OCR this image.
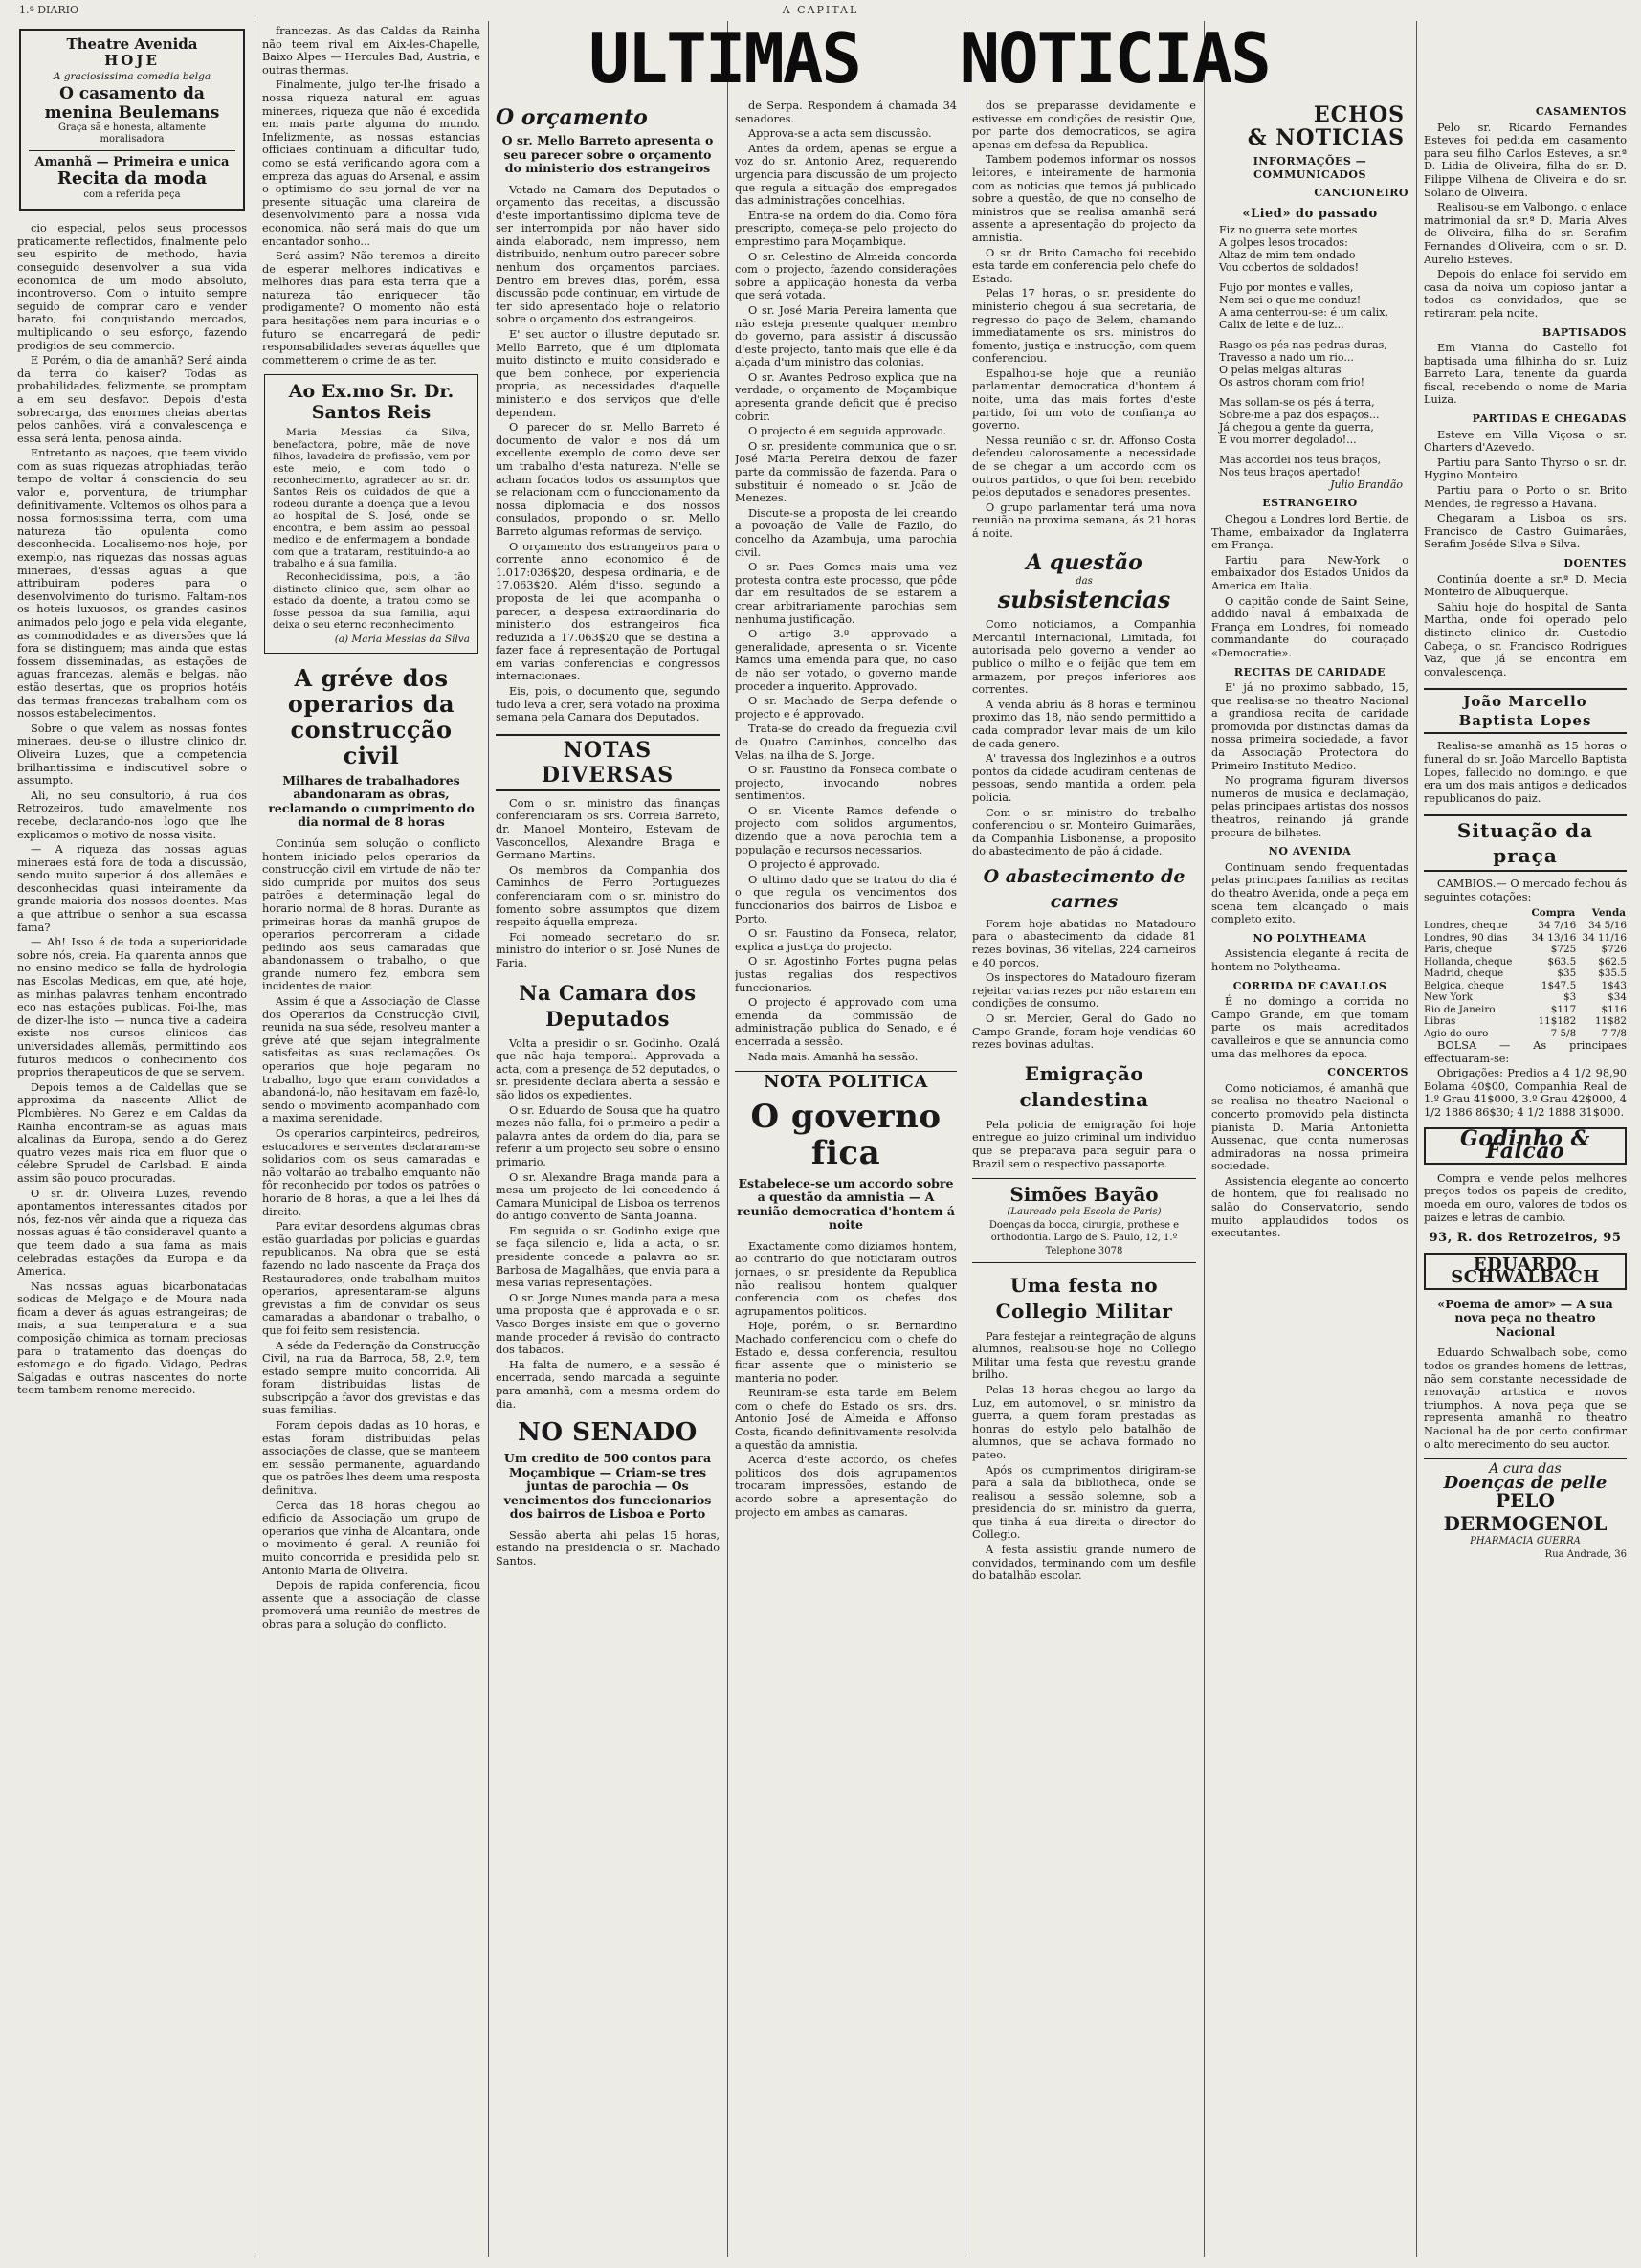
1.ª DIARIO	A CAPITAL
Theatre Avenida
HOJE
A graciosissima comedia belga
O casamento da menina Beulemans
Graça sã e honesta, altamente moralisadora
Amanhã — Primeira e unica
Recita da moda
com a referida peça

cio especial, pelos seus processos praticamente reflectidos, finalmente pelo seu espirito de methodo, havia conseguido desenvolver a sua vida economica de um modo absoluto, incontroverso. Com o intuito sempre seguido de comprar caro e vender barato, foi conquistando mercados, multiplicando o seu esforço, fazendo prodigios de seu commercio.

E Porém, o dia de amanhã? Será ainda da terra do kaiser? Todas as probabilidades, felizmente, se promptam a em seu desfavor. Depois d'esta sobrecarga, das enormes cheias abertas pelos canhões, virá a convalescença e essa será lenta, penosa ainda.

Entretanto as naçoes, que teem vivido com as suas riquezas atrophiadas, terão tempo de voltar á consciencia do seu valor e, porventura, de triumphar definitivamente. Voltemos os olhos para a nossa formosissima terra, com uma natureza tão opulenta como desconhecida. Localisemo-nos hoje, por exemplo, nas riquezas das nossas aguas mineraes, d'essas aguas a que attribuiram poderes para o desenvolvimento do turismo. Faltam-nos os hoteis luxuosos, os grandes casinos animados pelo jogo e pela vida elegante, as commodidades e as diversões que lá fora se distinguem; mas ainda que estas fossem disseminadas, as estações de aguas francezas, alemãs e belgas, não estão desertas, que os proprios hotéis das termas francezas trabalham com os nossos estabelecimentos.

Sobre o que valem as nossas fontes mineraes, deu-se o illustre clinico dr. Oliveira Luzes, que a competencia brilhantissima e indiscutivel sobre o assumpto.

Ali, no seu consultorio, á rua dos Retrozeiros, tudo amavelmente nos recebe, declarando-nos logo que lhe explicamos o motivo da nossa visita.

— A riqueza das nossas aguas mineraes está fora de toda a discussão, sendo muito superior á dos allemães e desconhecidas quasi inteiramente da grande maioria dos nossos doentes. Mas a que attribue o senhor a sua escassa fama?

— Ah! Isso é de toda a superioridade sobre nós, creia. Ha quarenta annos que no ensino medico se falla de hydrologia nas Escolas Medicas, em que, até hoje, as minhas palavras tenham encontrado eco nas estações publicas. Foi-lhe, mas de dizer-lhe isto — nunca tive a cadeira existe nos cursos clinicos das universidades allemãs, permittindo aos futuros medicos o conhecimento dos proprios therapeuticos de que se servem.

Depois temos a de Caldellas que se approxima da nascente Alliot de Plombières. No Gerez e em Caldas da Rainha encontram-se as aguas mais alcalinas da Europa, sendo a do Gerez quatro vezes mais rica em fluor que o célebre Sprudel de Carlsbad. E ainda assim são pouco procuradas.

O sr. dr. Oliveira Luzes, revendo apontamentos interessantes citados por nós, fez-nos vêr ainda que a riqueza das nossas aguas é tão consideravel quanto a que teem dado a sua fama as mais celebradas estações da Europa e da America.

Nas nossas aguas bicarbonatadas sodicas de Melgaço e de Moura nada ficam a dever ás aguas estrangeiras; de mais, a sua temperatura e a sua composição chimica as tornam preciosas para o tratamento das doenças do estomago e do figado. Vidago, Pedras Salgadas e outras nascentes do norte teem tambem renome merecido.

francezas. As das Caldas da Rainha não teem rival em Aix-les-Chapelle, Baixo Alpes — Hercules Bad, Austria, e outras thermas.

Finalmente, julgo ter-lhe frisado a nossa riqueza natural em aguas mineraes, riqueza que não é excedida em mais parte alguma do mundo. Infelizmente, as nossas estancias officiaes continuam a dificultar tudo, como se está verificando agora com a empreza das aguas do Arsenal, e assim o optimismo do seu jornal de ver na presente situação uma clareira de desenvolvimento para a nossa vida economica, não será mais do que um encantador sonho...

Será assim? Não teremos a direito de esperar melhores indicativas e melhores dias para esta terra que a natureza tão enriquecer tão prodigamente? O momento não está para hesitações nem para incurias e o futuro se encarregará de pedir responsabilidades severas áquelles que commetterem o crime de as ter.

Ao Ex.mo Sr. Dr. Santos Reis

Maria Messias da Silva, benefactora, pobre, mãe de nove filhos, lavadeira de profissão, vem por este meio, e com todo o reconhecimento, agradecer ao sr. dr. Santos Reis os cuidados de que a rodeou durante a doença que a levou ao hospital de S. José, onde se encontra, e bem assim ao pessoal medico e de enfermagem a bondade com que a trataram, restituindo-a ao trabalho e á sua familia.

Reconhecidissima, pois, a tão distincto clinico que, sem olhar ao estado da doente, a tratou como se fosse pessoa da sua familia, aqui deixa o seu eterno reconhecimento.

(a) Maria Messias da Silva
A gréve dos operarios da construcção civil
Milhares de trabalhadores abandonaram as obras, reclamando o cumprimento do dia normal de 8 horas

Continúa sem solução o conflicto hontem iniciado pelos operarios da construcção civil em virtude de não ter sido cumprida por muitos dos seus patrões a determinação legal do horario normal de 8 horas. Durante as primeiras horas da manhã grupos de operarios percorreram a cidade pedindo aos seus camaradas que abandonassem o trabalho, o que grande numero fez, embora sem incidentes de maior.

Assim é que a Associação de Classe dos Operarios da Construcção Civil, reunida na sua séde, resolveu manter a gréve até que sejam integralmente satisfeitas as suas reclamações. Os operarios que hoje pegaram no trabalho, logo que eram convidados a abandoná-lo, não hesitavam em fazê-lo, sendo o movimento acompanhado com a maxima serenidade.

Os operarios carpinteiros, pedreiros, estucadores e serventes declararam-se solidarios com os seus camaradas e não voltarão ao trabalho emquanto não fôr reconhecido por todos os patrões o horario de 8 horas, a que a lei lhes dá direito.

Para evitar desordens algumas obras estão guardadas por policias e guardas republicanos. Na obra que se está fazendo no lado nascente da Praça dos Restauradores, onde trabalham muitos operarios, apresentaram-se alguns grevistas a fim de convidar os seus camaradas a abandonar o trabalho, o que foi feito sem resistencia.

A séde da Federação da Construcção Civil, na rua da Barroca, 58, 2.º, tem estado sempre muito concorrida. Ali foram distribuidas listas de subscripção a favor dos grevistas e das suas familias.

Foram depois dadas as 10 horas, e estas foram distribuidas pelas associações de classe, que se manteem em sessão permanente, aguardando que os patrões lhes deem uma resposta definitiva.

Cerca das 18 horas chegou ao edificio da Associação um grupo de operarios que vinha de Alcantara, onde o movimento é geral. A reunião foi muito concorrida e presidida pelo sr. Antonio Maria de Oliveira.

Depois de rapida conferencia, ficou assente que a associação de classe promoverá uma reunião de mestres de obras para a solução do conflicto.

ULTIMAS NOTICIAS
O orçamento
O sr. Mello Barreto apresenta o seu parecer sobre o orçamento do ministerio dos estrangeiros

Votado na Camara dos Deputados o orçamento das receitas, a discussão d'este importantissimo diploma teve de ser interrompida por não haver sido ainda elaborado, nem impresso, nem distribuido, nenhum outro parecer sobre nenhum dos orçamentos parciaes. Dentro em breves dias, porém, essa discussão pode continuar, em virtude de ter sido apresentado hoje o relatorio sobre o orçamento dos estrangeiros.

E' seu auctor o illustre deputado sr. Mello Barreto, que é um diplomata muito distincto e muito considerado e que bem conhece, por experiencia propria, as necessidades d'aquelle ministerio e dos serviços que d'elle dependem.

O parecer do sr. Mello Barreto é documento de valor e nos dá um excellente exemplo de como deve ser um trabalho d'esta natureza. N'elle se acham focados todos os assumptos que se relacionam com o funccionamento da nossa diplomacia e dos nossos consulados, propondo o sr. Mello Barreto algumas reformas de serviço.

O orçamento dos estrangeiros para o corrente anno economico é de 1.017:036$20, despesa ordinaria, e de 17.063$20. Além d'isso, segundo a proposta de lei que acompanha o parecer, a despesa extraordinaria do ministerio dos estrangeiros fica reduzida a 17.063$20 que se destina a fazer face á representação de Portugal em varias conferencias e congressos internacionaes.

Eis, pois, o documento que, segundo tudo leva a crer, será votado na proxima semana pela Camara dos Deputados.

NOTAS DIVERSAS

Com o sr. ministro das finanças conferenciaram os srs. Correia Barreto, dr. Manoel Monteiro, Estevam de Vasconcellos, Alexandre Braga e Germano Martins.

Os membros da Companhia dos Caminhos de Ferro Portuguezes conferenciaram com o sr. ministro do fomento sobre assumptos que dizem respeito áquella empreza.

Foi nomeado secretario do sr. ministro do interior o sr. José Nunes de Faria.

Na Camara dos Deputados

Volta a presidir o sr. Godinho. Ozalá que não haja temporal. Approvada a acta, com a presença de 52 deputados, o sr. presidente declara aberta a sessão e são lidos os expedientes.

O sr. Eduardo de Sousa que ha quatro mezes não falla, foi o primeiro a pedir a palavra antes da ordem do dia, para se referir a um projecto seu sobre o ensino primario.

O sr. Alexandre Braga manda para a mesa um projecto de lei concedendo á Camara Municipal de Lisboa os terrenos do antigo convento de Santa Joanna.

Em seguida o sr. Godinho exige que se faça silencio e, lida a acta, o sr. presidente concede a palavra ao sr. Barbosa de Magalhães, que envia para a mesa varias representações.

O sr. Jorge Nunes manda para a mesa uma proposta que é approvada e o sr. Vasco Borges insiste em que o governo mande proceder á revisão do contracto dos tabacos.

Ha falta de numero, e a sessão é encerrada, sendo marcada a seguinte para amanhã, com a mesma ordem do dia.

NO SENADO
Um credito de 500 contos para Moçambique — Criam-se tres juntas de parochia — Os vencimentos dos funccionarios dos bairros de Lisboa e Porto

Sessão aberta ahi pelas 15 horas, estando na presidencia o sr. Machado Santos.

de Serpa. Respondem á chamada 34 senadores.

Approva-se a acta sem discussão.

Antes da ordem, apenas se ergue a voz do sr. Antonio Arez, requerendo urgencia para discussão de um projecto que regula a situação dos empregados das administrações concelhias.

Entra-se na ordem do dia. Como fôra prescripto, começa-se pelo projecto do emprestimo para Moçambique.

O sr. Celestino de Almeida concorda com o projecto, fazendo considerações sobre a applicação honesta da verba que será votada.

O sr. José Maria Pereira lamenta que não esteja presente qualquer membro do governo, para assistir á discussão d'este projecto, tanto mais que elle é da alçada d'um ministro das colonias.

O sr. Avantes Pedroso explica que na verdade, o orçamento de Moçambique apresenta grande deficit que é preciso cobrir.

O projecto é em seguida approvado.

O sr. presidente communica que o sr. José Maria Pereira deixou de fazer parte da commissão de fazenda. Para o substituir é nomeado o sr. João de Menezes.

Discute-se a proposta de lei creando a povoação de Valle de Fazilo, do concelho da Azambuja, uma parochia civil.

O sr. Paes Gomes mais uma vez protesta contra este processo, que pôde dar em resultados de se estarem a crear arbitrariamente parochias sem nenhuma justificação.

O artigo 3.º approvado a generalidade, apresenta o sr. Vicente Ramos uma emenda para que, no caso de não ser votado, o governo mande proceder a inquerito. Approvado.

O sr. Machado de Serpa defende o projecto e é approvado.

Trata-se do creado da freguezia civil de Quatro Caminhos, concelho das Velas, na ilha de S. Jorge.

O sr. Faustino da Fonseca combate o projecto, invocando nobres sentimentos.

O sr. Vicente Ramos defende o projecto com solidos argumentos, dizendo que a nova parochia tem a população e recursos necessarios.

O projecto é approvado.

O ultimo dado que se tratou do dia é o que regula os vencimentos dos funccionarios dos bairros de Lisboa e Porto.

O sr. Faustino da Fonseca, relator, explica a justiça do projecto.

O sr. Agostinho Fortes pugna pelas justas regalias dos respectivos funccionarios.

O projecto é approvado com uma emenda da commissão de administração publica do Senado, e é encerrada a sessão.

Nada mais. Amanhã ha sessão.

NOTA POLITICA
O governo fica
Estabelece-se um accordo sobre a questão da amnistia — A reunião democratica d'hontem á noite

Exactamente como diziamos hontem, ao contrario do que noticiaram outros jornaes, o sr. presidente da Republica não realisou hontem qualquer conferencia com os chefes dos agrupamentos politicos.

Hoje, porém, o sr. Bernardino Machado conferenciou com o chefe do Estado e, dessa conferencia, resultou ficar assente que o ministerio se manteria no poder.

Reuniram-se esta tarde em Belem com o chefe do Estado os srs. drs. Antonio José de Almeida e Affonso Costa, ficando definitivamente resolvida a questão da amnistia.

Acerca d'este accordo, os chefes politicos dos dois agrupamentos trocaram impressões, estando de acordo sobre a apresentação do projecto em ambas as camaras.

dos se preparasse devidamente e estivesse em condições de resistir. Que, por parte dos democraticos, se agira apenas em defesa da Republica.

Tambem podemos informar os nossos leitores, e inteiramente de harmonia com as noticias que temos já publicado sobre a questão, de que no conselho de ministros que se realisa amanhã será assente a apresentação do projecto da amnistia.

O sr. dr. Brito Camacho foi recebido esta tarde em conferencia pelo chefe do Estado.

Pelas 17 horas, o sr. presidente do ministerio chegou á sua secretaria, de regresso do paço de Belem, chamando immediatamente os srs. ministros do fomento, justiça e instrucção, com quem conferenciou.

Espalhou-se hoje que a reunião parlamentar democratica d'hontem á noite, uma das mais fortes d'este partido, foi um voto de confiança ao governo.

Nessa reunião o sr. dr. Affonso Costa defendeu calorosamente a necessidade de se chegar a um accordo com os outros partidos, o que foi bem recebido pelos deputados e senadores presentes.

O grupo parlamentar terá uma nova reunião na proxima semana, ás 21 horas á noite.

A questão
das
subsistencias

Como noticiamos, a Companhia Mercantil Internacional, Limitada, foi autorisada pelo governo a vender ao publico o milho e o feijão que tem em armazem, por preços inferiores aos correntes.

A venda abriu ás 8 horas e terminou proximo das 18, não sendo permittido a cada comprador levar mais de um kilo de cada genero.

A' travessa dos Inglezinhos e a outros pontos da cidade acudiram centenas de pessoas, sendo mantida a ordem pela policia.

Com o sr. ministro do trabalho conferenciou o sr. Monteiro Guimarães, da Companhia Lisbonense, a proposito do abastecimento de pão á cidade.

O abastecimento de carnes

Foram hoje abatidas no Matadouro para o abastecimento da cidade 81 rezes bovinas, 36 vitellas, 224 carneiros e 40 porcos.

Os inspectores do Matadouro fizeram rejeitar varias rezes por não estarem em condições de consumo.

O sr. Mercier, Geral do Gado no Campo Grande, foram hoje vendidas 60 rezes bovinas adultas.

Emigração clandestina

Pela policia de emigração foi hoje entregue ao juizo criminal um individuo que se preparava para seguir para o Brazil sem o respectivo passaporte.

Simões Bayão
(Laureado pela Escola de Paris)
Doenças da bocca, cirurgia, prothese e orthodontia. Largo de S. Paulo, 12, 1.º Telephone 3078
Uma festa no Collegio Militar

Para festejar a reintegração de alguns alumnos, realisou-se hoje no Collegio Militar uma festa que revestiu grande brilho.

Pelas 13 horas chegou ao largo da Luz, em automovel, o sr. ministro da guerra, a quem foram prestadas as honras do estylo pelo batalhão de alumnos, que se achava formado no pateo.

Após os cumprimentos dirigiram-se para a sala da bibliotheca, onde se realisou a sessão solemne, sob a presidencia do sr. ministro da guerra, que tinha á sua direita o director do Collegio.

A festa assistiu grande numero de convidados, terminando com um desfile do batalhão escolar.

ECHOS
& NOTICIAS
INFORMAÇÕES — COMMUNICADOS
CANCIONEIRO
«Lied» do passado
Fiz no guerra sete mortes
A golpes lesos trocados:
Altaz de mim tem ondado
Vou cobertos de soldados!
Fujo por montes e valles,
Nem sei o que me conduz!
A ama centerrou-se: é um calix,
Calix de leite e de luz...
Rasgo os pés nas pedras duras,
Travesso a nado um rio...
O pelas melgas alturas
Os astros choram com frio!
Mas sollam-se os pés á terra,
Sobre-me a paz dos espaços...
Já chegou a gente da guerra,
E vou morrer degolado!...
Mas accordei nos teus braços,
Nos teus braços apertado!
Julio Brandão
ESTRANGEIRO

Chegou a Londres lord Bertie, de Thame, embaixador da Inglaterra em França.

Partiu para New-York o embaixador dos Estados Unidos da America em Italia.

O capitão conde de Saint Seine, addido naval á embaixada de França em Londres, foi nomeado commandante do couraçado «Democratie».

RECITAS DE CARIDADE

E' já no proximo sabbado, 15, que realisa-se no theatro Nacional a grandiosa recita de caridade promovida por distinctas damas da nossa primeira sociedade, a favor da Associação Protectora do Primeiro Instituto Medico.

No programa figuram diversos numeros de musica e declamação, pelas principaes artistas dos nossos theatros, reinando já grande procura de bilhetes.

NO AVENIDA

Continuam sendo frequentadas pelas principaes familias as recitas do theatro Avenida, onde a peça em scena tem alcançado o mais completo exito.

NO POLYTHEAMA

Assistencia elegante á recita de hontem no Polytheama.

CORRIDA DE CAVALLOS

É no domingo a corrida no Campo Grande, em que tomam parte os mais acreditados cavalleiros e que se annuncia como uma das melhores da epoca.

CONCERTOS

Como noticiamos, é amanhã que se realisa no theatro Nacional o concerto promovido pela distincta pianista D. Maria Antonietta Aussenac, que conta numerosas admiradoras na nossa primeira sociedade.

Assistencia elegante ao concerto de hontem, que foi realisado no salão do Conservatorio, sendo muito applaudidos todos os executantes.

CASAMENTOS

Pelo sr. Ricardo Fernandes Esteves foi pedida em casamento para seu filho Carlos Esteves, a sr.ª D. Lidia de Oliveira, filha do sr. D. Filippe Vilhena de Oliveira e do sr. Solano de Oliveira.

Realisou-se em Valbongo, o enlace matrimonial da sr.ª D. Maria Alves de Oliveira, filha do sr. Serafim Fernandes d'Oliveira, com o sr. D. Aurelio Esteves.

Depois do enlace foi servido em casa da noiva um copioso jantar a todos os convidados, que se retiraram pela noite.

BAPTISADOS

Em Vianna do Castello foi baptisada uma filhinha do sr. Luiz Barreto Lara, tenente da guarda fiscal, recebendo o nome de Maria Luiza.

PARTIDAS E CHEGADAS

Esteve em Villa Viçosa o sr. Charters d'Azevedo.

Partiu para Santo Thyrso o sr. dr. Hygino Monteiro.

Partiu para o Porto o sr. Brito Mendes, de regresso a Havana.

Chegaram a Lisboa os srs. Francisco de Castro Guimarães, Serafim Joséde Silva e Silva.

DOENTES

Continúa doente a sr.ª D. Mecia Monteiro de Albuquerque.

Sahiu hoje do hospital de Santa Martha, onde foi operado pelo distincto clinico dr. Custodio Cabeça, o sr. Francisco Rodrigues Vaz, que já se encontra em convalescença.

João Marcello Baptista Lopes

Realisa-se amanhã as 15 horas o funeral do sr. João Marcello Baptista Lopes, fallecido no domingo, e que era um dos mais antigos e dedicados republicanos do paiz.

Situação da praça

CAMBIOS.— O mercado fechou ás seguintes cotações:

	Compra	Venda
Londres, cheque	34 7/16	34 5/16
Londres, 90 dias	34 13/16	34 11/16
Paris, cheque	$725	$726
Hollanda, cheque	$63.5	$62.5
Madrid, cheque	$35	$35.5
Belgica, cheque	1$47.5	1$43
New York	$3	$34
Rio de Janeiro	$117	$116
Libras	11$182	11$82
Agio do ouro	7 5/8	7 7/8

BOLSA — As principaes effectuaram-se:

Obrigações: Predios a 4 1/2 98,90 Bolama 40$00, Companhia Real de 1.º Grau 41$000, 3.º Grau 42$000, 4 1/2 1886 86$30; 4 1/2 1888 31$000.

Godinho & Falcão

Compra e vende pelos melhores preços todos os papeis de credito, moeda em ouro, valores de todos os paizes e letras de cambio.

93, R. dos Retrozeiros, 95
EDUARDO SCHWALBACH
«Poema de amor» — A sua nova peça no theatro Nacional

Eduardo Schwalbach sobe, como todos os grandes homens de lettras, não sem constante necessidade de renovação artistica e novos triumphos. A nova peça que se representa amanhã no theatro Nacional ha de por certo confirmar o alto merecimento do seu auctor.

A cura das
Doenças de pelle
PELO DERMOGENOL
PHARMACIA GUERRA
Rua Andrade, 36
